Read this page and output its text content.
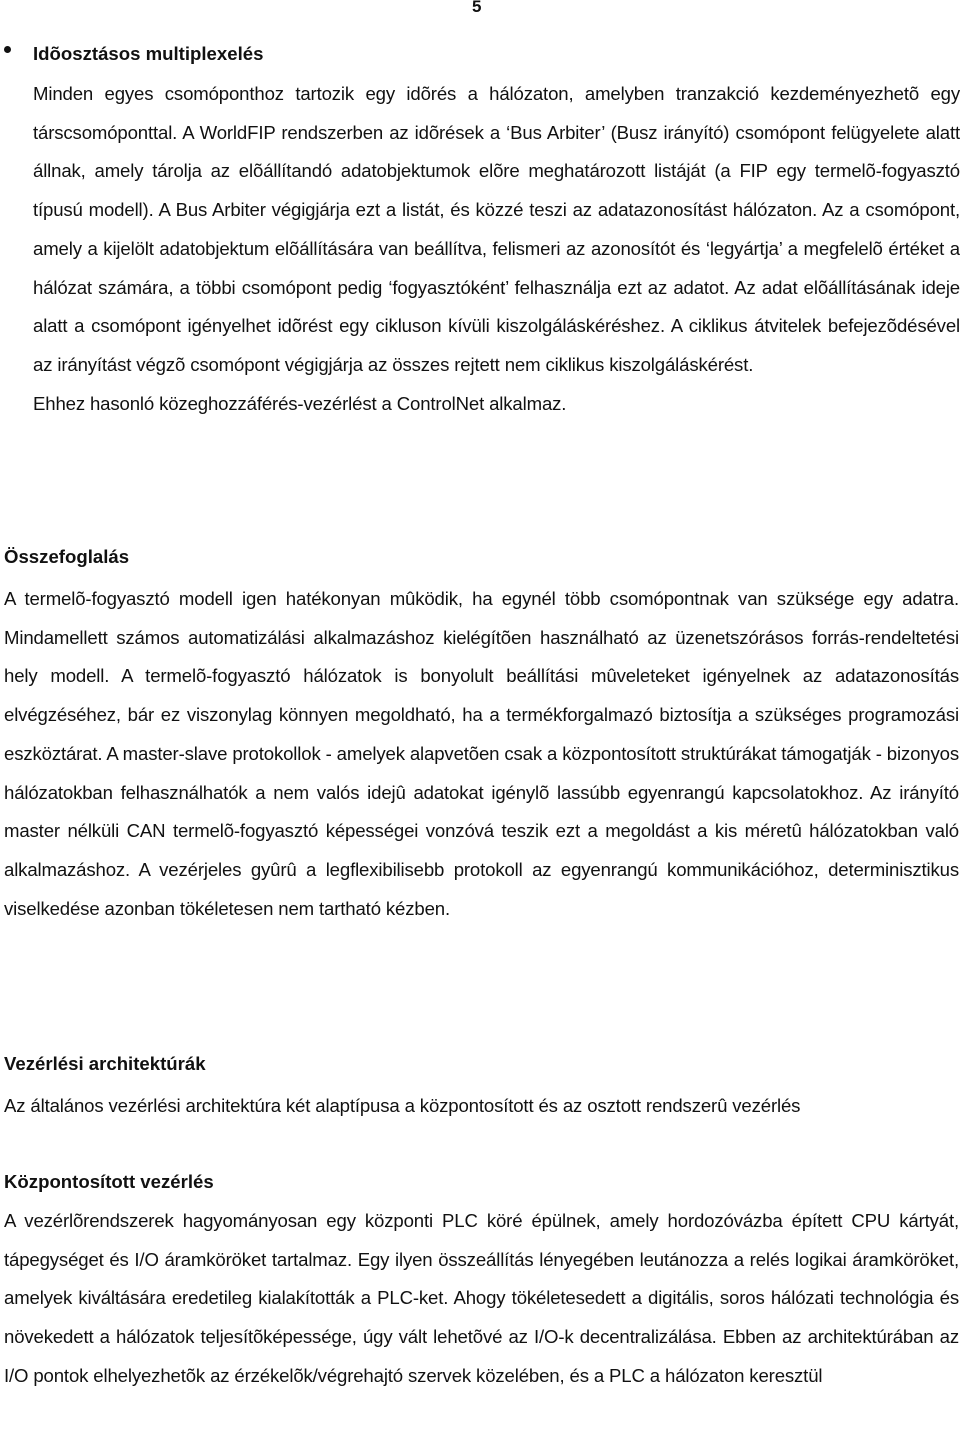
5
Idõosztásos multiplexelés
Minden egyes csomóponthoz tartozik egy idõrés a hálózaton, amelyben tranzakció kezdeményezhetõ egy társcsomóponttal. A WorldFIP rendszerben az idõrések a ‘Bus Arbiter’ (Busz irányító) csomópont felügyelete alatt állnak, amely tárolja az elõállítandó adatobjektumok elõre meghatározott listáját (a FIP egy termelõ-fogyasztó típusú modell). A Bus Arbiter végigjárja ezt a listát, és közzé teszi az adatazonosítást hálózaton. Az a csomópont, amely a kijelölt adatobjektum elõállítására van beállítva, felismeri az azonosítót és ‘legyártja’ a megfelelõ értéket a hálózat számára, a többi csomópont pedig ‘fogyasztóként’ felhasználja ezt az adatot. Az adat elõállításának ideje alatt a csomópont igényelhet idõrést egy cikluson kívüli kiszolgáláskéréshez. A ciklikus átvitelek befejezõdésével az irányítást végzõ csomópont végigjárja az összes rejtett nem ciklikus kiszolgáláskérést.
Ehhez hasonló közeghozzáférés-vezérlést a ControlNet alkalmaz.
Összefoglalás

A termelõ-fogyasztó modell igen hatékonyan mûködik, ha egynél több csomópontnak van szüksége egy adatra. Mindamellett számos automatizálási alkalmazáshoz kielégítõen használható az üzenetszórásos forrás-rendeltetési hely modell. A termelõ-fogyasztó hálózatok is bonyolult beállítási mûveleteket igényelnek az adatazonosítás elvégzéséhez, bár ez viszonylag könnyen megoldható, ha a termékforgalmazó biztosítja a szükséges programozási eszköztárat. A master-slave protokollok - amelyek alapvetõen csak a központosított struktúrákat támogatják - bizonyos hálózatokban felhasználhatók a nem valós idejû adatokat igénylõ lassúbb egyenrangú kapcsolatokhoz. Az irányító master nélküli CAN termelõ-fogyasztó képességei vonzóvá teszik ezt a megoldást a kis méretû hálózatokban való alkalmazáshoz. A vezérjeles gyûrû a legflexibilisebb protokoll az egyenrangú kommunikációhoz, determinisztikus viselkedése azonban tökéletesen nem tartható kézben.

Vezérlési architektúrák

Az általános vezérlési architektúra két alaptípusa a központosított és az osztott rendszerû vezérlés

Központosított vezérlés

A vezérlõrendszerek hagyományosan egy központi PLC köré épülnek, amely hordozóvázba épített CPU kártyát, tápegységet és I/O áramköröket tartalmaz. Egy ilyen összeállítás lényegében leutánozza a relés logikai áramköröket, amelyek kiváltására eredetileg kialakították a PLC-ket. Ahogy tökéletesedett a digitális, soros hálózati technológia és növekedett a hálózatok teljesítõképessége, úgy vált lehetõvé az I/O-k decentralizálása. Ebben az architektúrában az I/O pontok elhelyezhetõk az érzékelõk/végrehajtó szervek közelében, és a PLC a hálózaton keresztül
